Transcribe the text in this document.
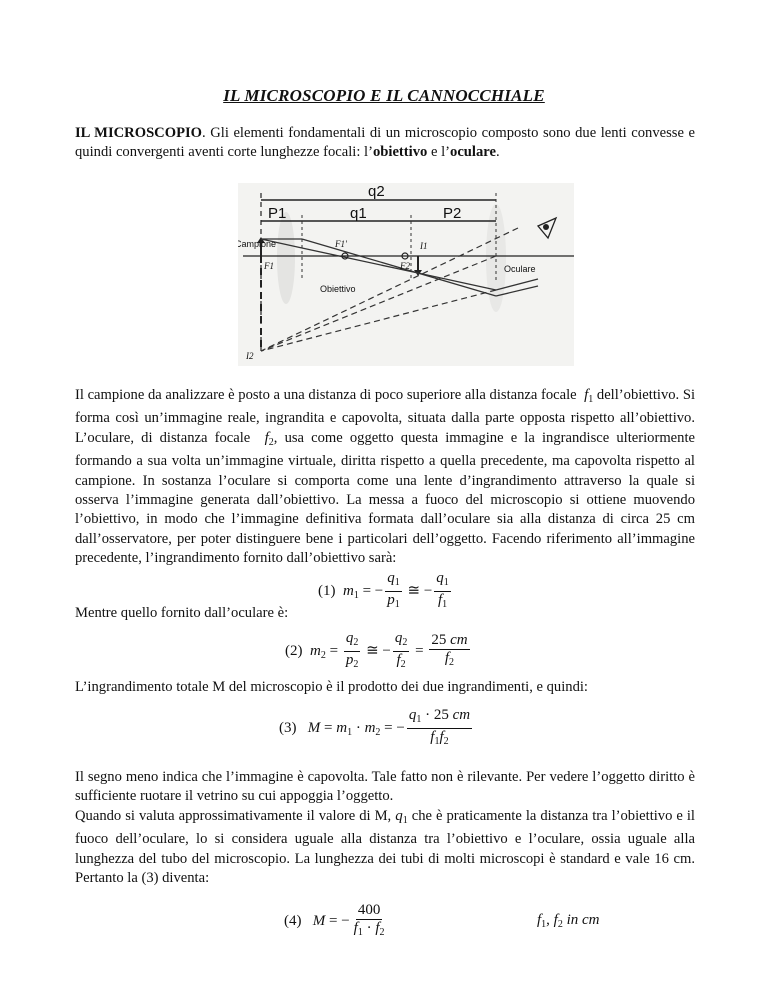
IL MICROSCOPIO E IL CANNOCCHIALE
IL MICROSCOPIO. Gli elementi fondamentali di un microscopio composto sono due lenti convesse e quindi convergenti aventi corte lunghezze focali: l’obiettivo e l’oculare.
q2
P1	q1	P2
Campione
F1
F1'	I1
F2	Oculare
Obiettivo
I2
Il campione da analizzare è posto a una distanza di poco superiore alla distanza focale $f_1$ dell’obiettivo. Si forma così un’immagine reale, ingrandita e capovolta, situata dalla parte opposta rispetto all’obiettivo. L’oculare, di distanza focale $f_2$, usa come oggetto questa immagine e la ingrandisce ulteriormente formando a sua volta un’immagine virtuale, diritta rispetto a quella precedente, ma capovolta rispetto al campione. In sostanza l’oculare si comporta come una lente d’ingrandimento attraverso la quale si osserva l’immagine generata dall’obiettivo. La messa a fuoco del microscopio si ottiene muovendo l’obiettivo, in modo che l’immagine definitiva formata dall’oculare sia alla distanza di circa 25 cm dall’osservatore, per poter distinguere bene i particolari dell’oggetto. Facendo riferimento all’immagine precedente, l’ingrandimento fornito dall’obiettivo sarà:
(1) $m_1$ = − $\frac{q_1}{p_1}$ ≅ − $\frac{q_1}{f_1}$
Mentre quello fornito dall’oculare è:
(2) $m_2 = \frac{q_2}{p_2}$ ≅ − $\frac{q_2}{f_2} = \frac{25 cm}{f_2}$
L’ingrandimento totale M del microscopio è il prodotto dei due ingrandimenti, e quindi:
(3) $M = m_1 \cdot m_2$ = − $\frac{q_1 \cdot 25 cm}{f_1f_2}$
Il segno meno indica che l’immagine è capovolta. Tale fatto non è rilevante. Per vedere l’oggetto diritto è sufficiente ruotare il vetrino su cui appoggia l’oggetto.
Quando si valuta approssimativamente il valore di M, $q_1$ che è praticamente la distanza tra l’obiettivo e il fuoco dell’oculare, lo si considera uguale alla distanza tra l’obiettivo e l’oculare, ossia uguale alla lunghezza del tubo del microscopio. La lunghezza dei tubi di molti microscopi è standard e vale 16 cm. Pertanto la (3) diventa:
(4) M = − $\frac{400}{f_1 \cdot f_2}$	$f_1$, $f_2$ in cm
